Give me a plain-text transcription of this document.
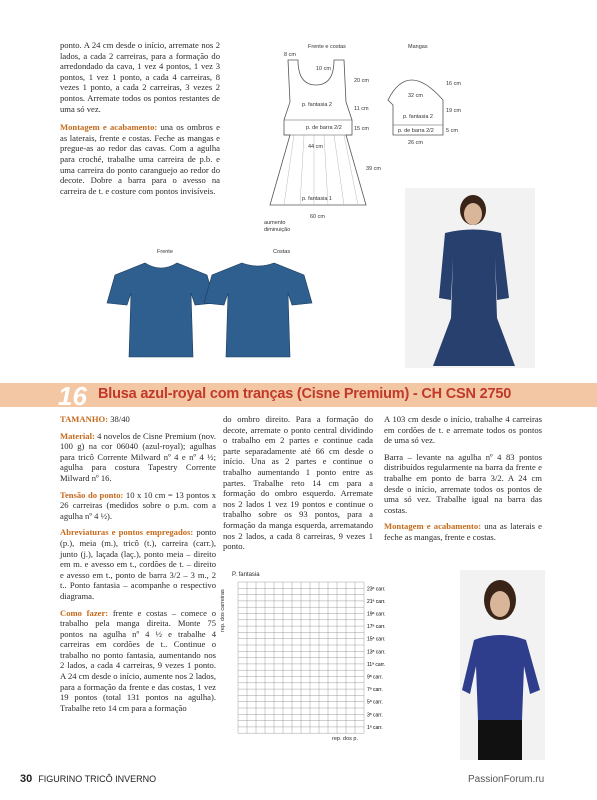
ponto. A 24 cm desde o início, arremate nos 2 lados, a cada 2 carreiras, para a formação do arredondado da cava, 1 vez 4 pontos, 1 vez 3 pontos, 1 vez 1 ponto, a cada 4 carreiras, 8 vezes 1 ponto, a cada 2 carreiras, 3 vezes 2 pontos. Arremate todos os pontos restantes de uma só vez.

Montagem e acabamento: una os ombros e as laterais, frente e costas. Feche as mangas e pregue-as ao redor das cavas. Com a agulha para croché, trabalhe uma carreira de p.b. e uma carreira do ponto caranguejo ao redor do decote. Dobre a barra para o avesso na carreira de t. e costure com pontos invisíveis.

Frente e costas	Mangas
8 cm
10 cm
20 cm
11 cm
15 cm
39 cm
44 cm
60 cm
p. fantasia 2
p. de barra 2/2
p. fantasia 1
aumento
diminuição
16 cm
19 cm
32 cm
p. fantasia 2
p. de barra 2/2
26 cm
5 cm
Frente	Costas
16 Blusa azul-royal com tranças (Cisne Premium) - CH CSN 2750

TAMANHO: 38/40

Material: 4 novelos de Cisne Premium (nov. 100 g) na cor 06040 (azul-royal); agulhas para tricô Corrente Milward nº 4 e nº 4 ½; agulha para costura Tapestry Corrente Milward nº 16.

Tensão do ponto: 10 x 10 cm = 13 pontos x 26 carreiras (medidos sobre o p.m. com a agulha nº 4 ½).

Abreviaturas e pontos empregados: ponto (p.), meia (m.), tricô (t.), carreira (carr.), junto (j.), laçada (laç.), ponto meia – direito em m. e avesso em t., cordões de t. – direito e avesso em t., ponto de barra 3/2 – 3 m., 2 t.. Ponto fantasia – acompanhe o respectivo diagrama.

Como fazer: frente e costas – comece o trabalho pela manga direita. Monte 75 pontos na agulha nº 4 ½ e trabalhe 4 carreiras em cordões de t.. Continue o trabalho no ponto fantasia, aumentando nos 2 lados, a cada 4 carreiras, 9 vezes 1 ponto. A 24 cm desde o início, aumente nos 2 lados, para a formação da frente e das costas, 1 vez 19 pontos (total 131 pontos na agulha). Trabalhe reto 14 cm para a formação

do ombro direito. Para a formação do decote, arremate o ponto central dividindo o trabalho em 2 partes e continue cada parte separadamente até 66 cm desde o início. Una as 2 partes e continue o trabalho aumentando 1 ponto entre as partes. Trabalhe reto 14 cm para a formação do ombro esquerdo. Arremate nos 2 lados 1 vez 19 pontos e continue o trabalho sobre os 93 pontos, para a formação da manga esquerda, arrematando nos 2 lados, a cada 8 carreiras, 9 vezes 1 ponto.

A 103 cm desde o início, trabalhe 4 carreiras em cordões de t. e arremate todos os pontos de uma só vez.

Barra – levante na agulha nº 4 83 pontos distribuídos regularmente na barra da frente e trabalhe em ponto de barra 3/2. A 24 cm desde o início, arremate todos os pontos de uma só vez. Trabalhe igual na barra das costas.

Montagem e acabamento: una as laterais e feche as mangas, frente e costas.

P. fantasia
23ª carr.
21ª carr.
19ª carr.
17ª carr.
15ª carr.
13ª carr.
11ª carr.
9ª carr.
7ª carr.
5ª carr.
3ª carr.
1ª carr.
rep. dos carreiras
rep. dos p.
30 FIGURINO TRICÔ INVERNO	PassionForum.ru
